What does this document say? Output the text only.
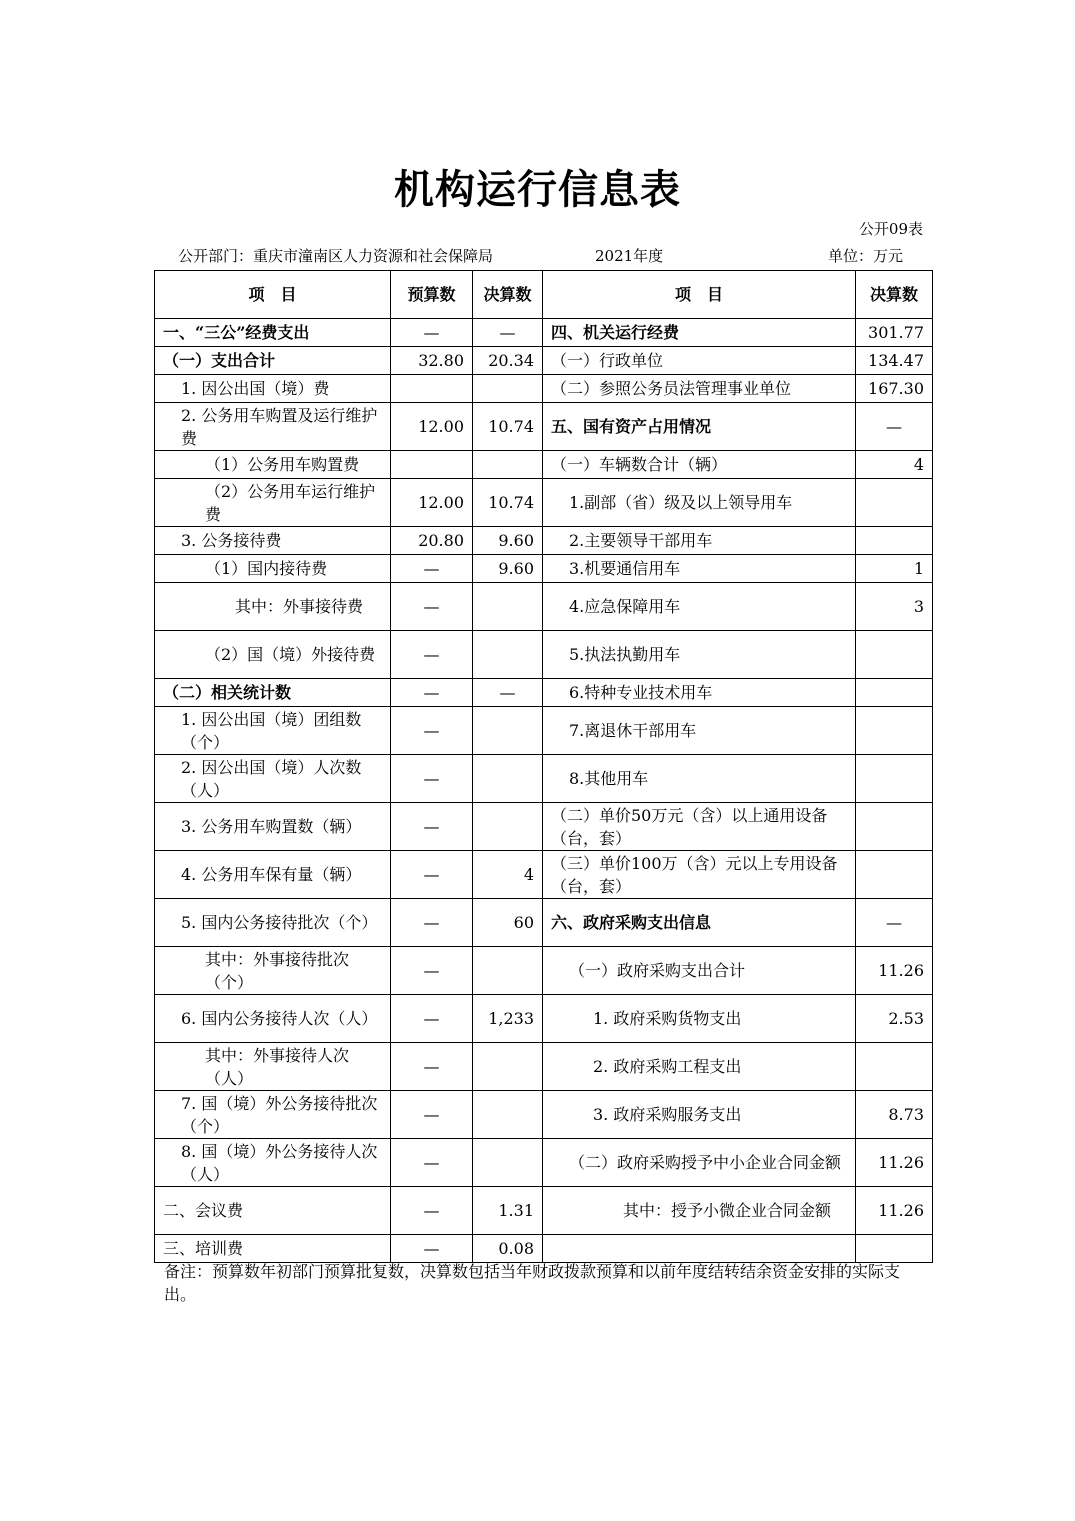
机构运行信息表
公开09表
公开部门：重庆市潼南区人力资源和社会保障局	2021年度	单位：万元
项　目	预算数	决算数	项　目	决算数
一、“三公”经费支出	—	—	四、机关运行经费	301.77
（一）支出合计	32.80	20.34	（一）行政单位	134.47
1. 因公出国（境）费			（二）参照公务员法管理事业单位	167.30
2. 公务用车购置及运行维护费	12.00	10.74	五、国有资产占用情况	—
（1）公务用车购置费			（一）车辆数合计（辆）	4
（2）公务用车运行维护费	12.00	10.74	1.副部（省）级及以上领导用车	
3. 公务接待费	20.80	9.60	2.主要领导干部用车	
（1）国内接待费	—	9.60	3.机要通信用车	1
其中：外事接待费	—		4.应急保障用车	3
（2）国（境）外接待费	—		5.执法执勤用车	
（二）相关统计数	—	—	6.特种专业技术用车	
1. 因公出国（境）团组数（个）	—		7.离退休干部用车	
2. 因公出国（境）人次数（人）	—		8.其他用车	
3. 公务用车购置数（辆）	—		（二）单价50万元（含）以上通用设备（台，套）	
4. 公务用车保有量（辆）	—	4	（三）单价100万（含）元以上专用设备（台，套）	
5. 国内公务接待批次（个）	—	60	六、政府采购支出信息	—
其中：外事接待批次（个）	—		（一）政府采购支出合计	11.26
6. 国内公务接待人次（人）	—	1,233	1. 政府采购货物支出	2.53
其中：外事接待人次（人）	—		2. 政府采购工程支出	
7. 国（境）外公务接待批次（个）	—		3. 政府采购服务支出	8.73
8. 国（境）外公务接待人次（人）	—		（二）政府采购授予中小企业合同金额	11.26
二、会议费	—	1.31	其中：授予小微企业合同金额	11.26
三、培训费	—	0.08		
备注：预算数年初部门预算批复数，决算数包括当年财政拨款预算和以前年度结转结余资金安排的实际支出。
